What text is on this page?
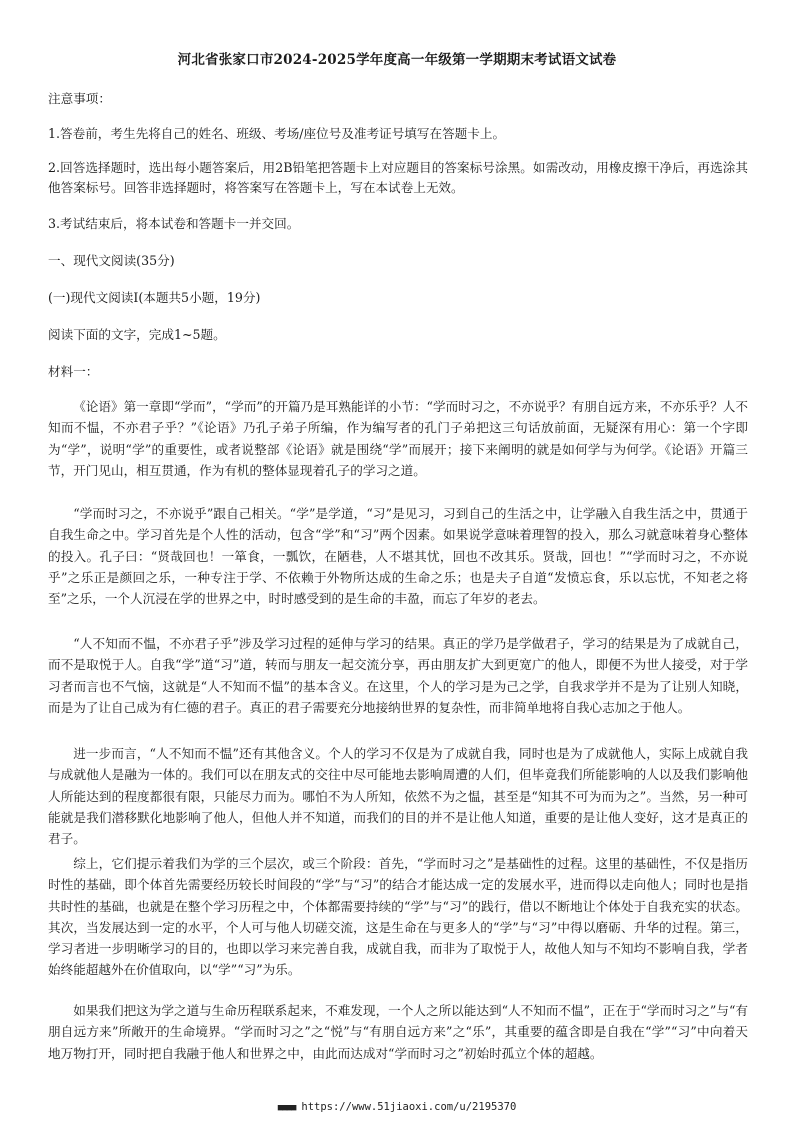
河北省张家口市2024-2025学年度高一年级第一学期期末考试语文试卷
注意事项：
1.答卷前，考生先将自己的姓名、班级、考场/座位号及准考证号填写在答题卡上。
2.回答选择题时，选出每小题答案后，用2B铅笔把答题卡上对应题目的答案标号涂黑。如需改动，用橡皮擦干净后，再选涂其他答案标号。回答非选择题时，将答案写在答题卡上，写在本试卷上无效。
3.考试结束后，将本试卷和答题卡一并交回。
一、现代文阅读(35分)
(一)现代文阅读Ⅰ(本题共5小题，19分)
阅读下面的文字，完成1~5题。
材料一：
《论语》第一章即“学而”，“学而”的开篇乃是耳熟能详的小节：“学而时习之，不亦说乎？有朋自远方来，不亦乐乎？人不知而不愠，不亦君子乎？”《论语》乃孔子弟子所编，作为编写者的孔门子弟把这三句话放前面，无疑深有用心：第一个字即为“学”，说明“学”的重要性，或者说整部《论语》就是围绕“学”而展开；接下来阐明的就是如何学与为何学。《论语》开篇三节，开门见山，相互贯通，作为有机的整体显现着孔子的学习之道。
“学而时习之，不亦说乎”跟自己相关。“学”是学道，“习”是见习，习到自己的生活之中，让学融入自我生活之中，贯通于自我生命之中。学习首先是个人性的活动，包含“学”和“习”两个因素。如果说学意味着理智的投入，那么习就意味着身心整体的投入。孔子曰：“贤哉回也！一箪食，一瓢饮，在陋巷，人不堪其忧，回也不改其乐。贤哉，回也！”“学而时习之，不亦说乎”之乐正是颜回之乐，一种专注于学、不依赖于外物所达成的生命之乐；也是夫子自道“发愤忘食，乐以忘忧，不知老之将至”之乐，一个人沉浸在学的世界之中，时时感受到的是生命的丰盈，而忘了年岁的老去。
“人不知而不愠，不亦君子乎”涉及学习过程的延伸与学习的结果。真正的学乃是学做君子，学习的结果是为了成就自己，而不是取悦于人。自我“学”道“习”道，转而与朋友一起交流分享，再由朋友扩大到更宽广的他人，即便不为世人接受，对于学习者而言也不气恼，这就是“人不知而不愠”的基本含义。在这里，个人的学习是为己之学，自我求学并不是为了让别人知晓，而是为了让自己成为有仁德的君子。真正的君子需要充分地接纳世界的复杂性，而非简单地将自我心志加之于他人。
进一步而言，“人不知而不愠”还有其他含义。个人的学习不仅是为了成就自我，同时也是为了成就他人，实际上成就自我与成就他人是融为一体的。我们可以在朋友式的交往中尽可能地去影响周遭的人们，但毕竟我们所能影响的人以及我们影响他人所能达到的程度都很有限，只能尽力而为。哪怕不为人所知，依然不为之愠，甚至是“知其不可为而为之”。当然，另一种可能就是我们潜移默化地影响了他人，但他人并不知道，而我们的目的并不是让他人知道，重要的是让他人变好，这才是真正的君子。
综上，它们提示着我们为学的三个层次，或三个阶段：首先，“学而时习之”是基础性的过程。这里的基础性，不仅是指历时性的基础，即个体首先需要经历较长时间段的“学”与“习”的结合才能达成一定的发展水平，进而得以走向他人；同时也是指共时性的基础，也就是在整个学习历程之中，个体都需要持续的“学”与“习”的践行，借以不断地让个体处于自我充实的状态。其次，当发展达到一定的水平，个人可与他人切磋交流，这是生命在与更多人的“学”与“习”中得以磨砺、升华的过程。第三，学习者进一步明晰学习的目的，也即以学习来完善自我，成就自我，而非为了取悦于人，故他人知与不知均不影响自我，学者始终能超越外在价值取向，以“学”“习”为乐。
如果我们把这为学之道与生命历程联系起来，不难发现，一个人之所以能达到“人不知而不愠”，正在于“学而时习之”与“有朋自远方来”所敞开的生命境界。“学而时习之”之“悦”与“有朋自远方来”之“乐”，其重要的蕴含即是自我在“学”“习”中向着天地万物打开，同时把自我融于他人和世界之中，由此而达成对“学而时习之”初始时孤立个体的超越。
■■■■ https://www.51jiaoxi.com/u/2195370
